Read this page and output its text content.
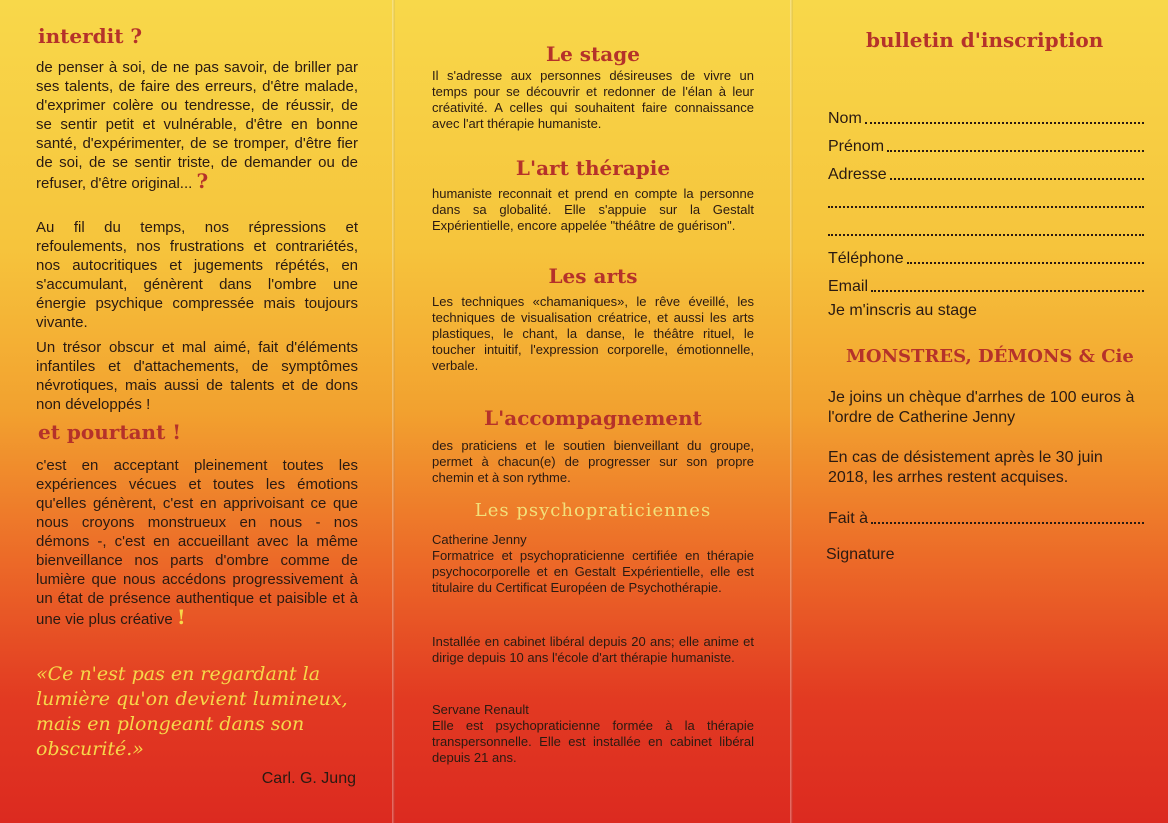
interdit ?
de penser à soi, de ne pas savoir, de briller par ses talents, de faire des erreurs, d'être malade, d'exprimer colère ou tendresse, de réussir, de se sentir petit et vulnérable, d'être en bonne santé, d'expérimenter, de se tromper, d'être fier de soi, de se sentir triste, de demander ou de refuser, d'être original... ?
Au fil du temps, nos répressions et refoulements, nos frustrations et contrariétés, nos autocritiques et jugements répétés, en s'accumulant, génèrent dans l'ombre une énergie psychique compressée mais toujours vivante.
Un trésor obscur et mal aimé, fait d'éléments infantiles et d'attachements, de symptômes névrotiques, mais aussi de talents et de dons non développés !
et pourtant !
c'est en acceptant pleinement toutes les expériences vécues et toutes les émotions qu'elles génèrent, c'est en apprivoisant ce que nous croyons monstrueux en nous - nos démons -, c'est en accueillant avec la même bienveillance nos parts d'ombre comme de lumière que nous accédons progressivement à un état de présence authentique et paisible et à une vie plus créative !
«Ce n'est pas en regardant la lumière qu'on devient lumineux, mais en plongeant dans son obscurité.»
Carl. G. Jung
Le stage
Il s'adresse aux personnes désireuses de vivre un temps pour se découvrir et redonner de l'élan à leur créativité. A celles qui souhaitent faire connaissance avec l'art thérapie humaniste.
L'art thérapie
humaniste reconnait et prend en compte la personne dans sa globalité. Elle s'appuie sur la Gestalt Expérientielle, encore appelée "théâtre de guérison".
Les arts
Les techniques «chamaniques», le rêve éveillé, les techniques de visualisation créatrice, et aussi les arts plastiques, le chant, la danse, le théâtre rituel, le toucher intuitif, l'expression corporelle, émotionnelle, verbale.
L'accompagnement
des praticiens et le soutien bienveillant du groupe, permet à chacun(e) de progresser sur son propre chemin et à son rythme.
Les psychopraticiennes
Catherine Jenny
Formatrice et psychopraticienne certifiée en thérapie psychocorporelle et en Gestalt Expérientielle, elle est titulaire du Certificat Européen de Psychothérapie.
Installée en cabinet libéral depuis 20 ans; elle anime et dirige depuis 10 ans l'école d'art thérapie humaniste.
Servane Renault
Elle est psychopraticienne formée à la thérapie transpersonnelle. Elle est installée en cabinet libéral depuis 21 ans.
bulletin d'inscription
Nom
Prénom
Adresse
Téléphone
Email
Je m'inscris au stage
MONSTRES, DÉMONS & Cie
Je joins un chèque d'arrhes de 100 euros à l'ordre de Catherine Jenny
En cas de désistement après le 30 juin 2018, les arrhes restent acquises.
Fait à
Signature
